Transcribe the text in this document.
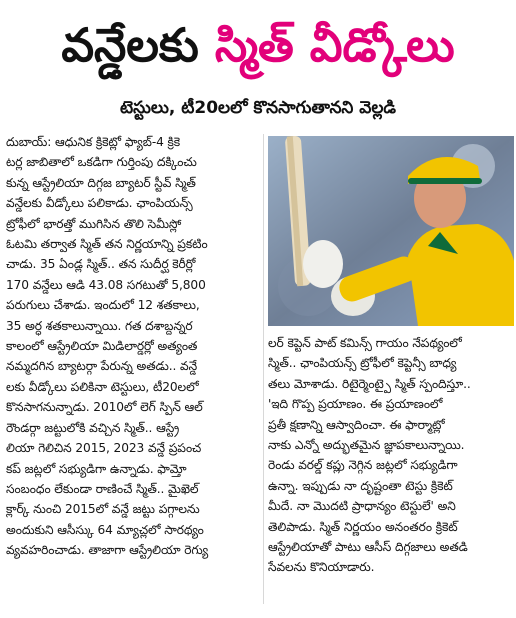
వన్డేలకు స్మిత్ వీడ్కోలు
టెస్టులు, టీ20లలో కొనసాగుతానని వెల్లడి
దుబాయ్: ఆధునిక క్రికెట్లో ఫ్యాబ్-4 క్రికె
టర్ల జాబితాలో ఒకడిగా గుర్తింపు దక్కించు
కున్న ఆస్ట్రేలియా దిగ్గజ బ్యాటర్ స్టీవ్ స్మిత్
వన్డేలకు వీడ్కోలు పలికాడు. ఛాంపియన్స్
ట్రోఫీలో భారత్తో ముగిసిన తొలి సెమీస్లో
ఓటమి తర్వాత స్మిత్ తన నిర్ణయాన్ని ప్రకటిం
చాడు. 35 ఏండ్ల స్మిత్.. తన సుదీర్ఘ కెరీర్లో
170 వన్డేలు ఆడి 43.08 సగటుతో 5,800
పరుగులు చేశాడు. ఇందులో 12 శతకాలు,
35 అర్ధ శతకాలున్నాయి. గత దశాబ్దన్నర
కాలంలో ఆస్ట్రేలియా మిడిలార్డర్లో అత్యంత
నమ్మదగిన బ్యాటర్గా పేరున్న అతడు.. వన్డే
లకు వీడ్కోలు పలికినా టెస్టులు, టీ20లలో
కొనసాగనున్నాడు. 2010లో లెగ్ స్పిన్ ఆల్
రౌండర్గా జట్టులోకి వచ్చిన స్మిత్.. ఆస్ట్రే
లియా గెలిచిన 2015, 2023 వన్డే ప్రపంచ
కప్ జట్లలో సభ్యుడిగా ఉన్నాడు. ఫామ్తో
సంబంధం లేకుండా రాణించే స్మిత్.. మైఖెల్
క్లార్క్ నుంచి 2015లో వన్డే జట్టు పగ్గాలను
అందుకుని ఆసీస్కు 64 మ్యాచ్లలో సారథ్యం
వ్యవహరించాడు. తాజాగా ఆస్ట్రేలియా రెగ్యు
లర్ కెప్టెన్ పాట్ కమిన్స్ గాయం నేపథ్యంలో
స్మిత్.. ఛాంపియన్స్ ట్రోఫీలో కెప్టెన్సీ బాధ్య
తలు మోశాడు. రిటైర్మెంట్పై స్మిత్ స్పందిస్తూ..
'ఇది గొప్ప ప్రయాణం. ఈ ప్రయాణంలో
ప్రతీ క్షణాన్ని ఆస్వాదించా. ఈ ఫార్మాట్లో
నాకు ఎన్నో అద్భుతమైన జ్ఞాపకాలున్నాయి.
రెండు వరల్డ్ కప్లు నెగ్గిన జట్లలో సభ్యుడిగా
ఉన్నా. ఇప్పుడు నా దృష్టంతా టెస్టు క్రికెట్
మీదే. నా మొదటి ప్రాధాన్యం టెస్టులే' అని
తెలిపాడు. స్మిత్ నిర్ణయం అనంతరం క్రికెట్
ఆస్ట్రేలియాతో పాటు ఆసీస్ దిగ్గజాలు అతడి
సేవలను కొనియాడారు.
